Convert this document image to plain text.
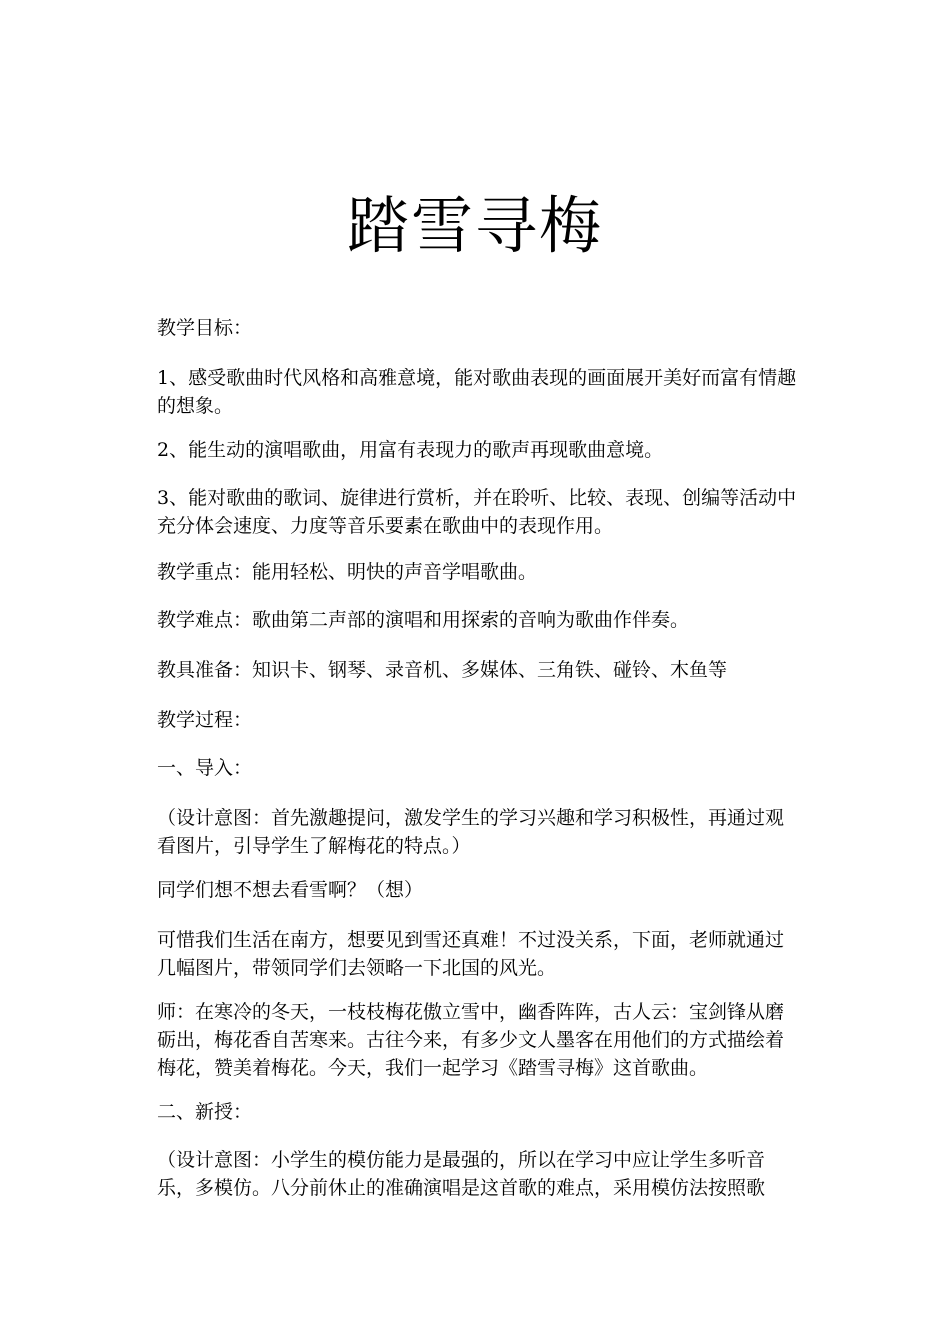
踏雪寻梅

教学目标：

1、感受歌曲时代风格和高雅意境，能对歌曲表现的画面展开美好而富有情趣的想象。

2、能生动的演唱歌曲，用富有表现力的歌声再现歌曲意境。

3、能对歌曲的歌词、旋律进行赏析，并在聆听、比较、表现、创编等活动中充分体会速度、力度等音乐要素在歌曲中的表现作用。

教学重点：能用轻松、明快的声音学唱歌曲。

教学难点：歌曲第二声部的演唱和用探索的音响为歌曲作伴奏。

教具准备：知识卡、钢琴、录音机、多媒体、三角铁、碰铃、木鱼等

教学过程：

一、导入：

（设计意图：首先激趣提问，激发学生的学习兴趣和学习积极性，再通过观看图片，引导学生了解梅花的特点。）

同学们想不想去看雪啊？（想）

可惜我们生活在南方，想要见到雪还真难！不过没关系，下面，老师就通过几幅图片，带领同学们去领略一下北国的风光。

师：在寒冷的冬天，一枝枝梅花傲立雪中，幽香阵阵，古人云：宝剑锋从磨砺出，梅花香自苦寒来。古往今来，有多少文人墨客在用他们的方式描绘着梅花，赞美着梅花。今天，我们一起学习《踏雪寻梅》这首歌曲。

二、新授：

（设计意图：小学生的模仿能力是最强的，所以在学习中应让学生多听音乐，多模仿。八分前休止的准确演唱是这首歌的难点，采用模仿法按照歌
